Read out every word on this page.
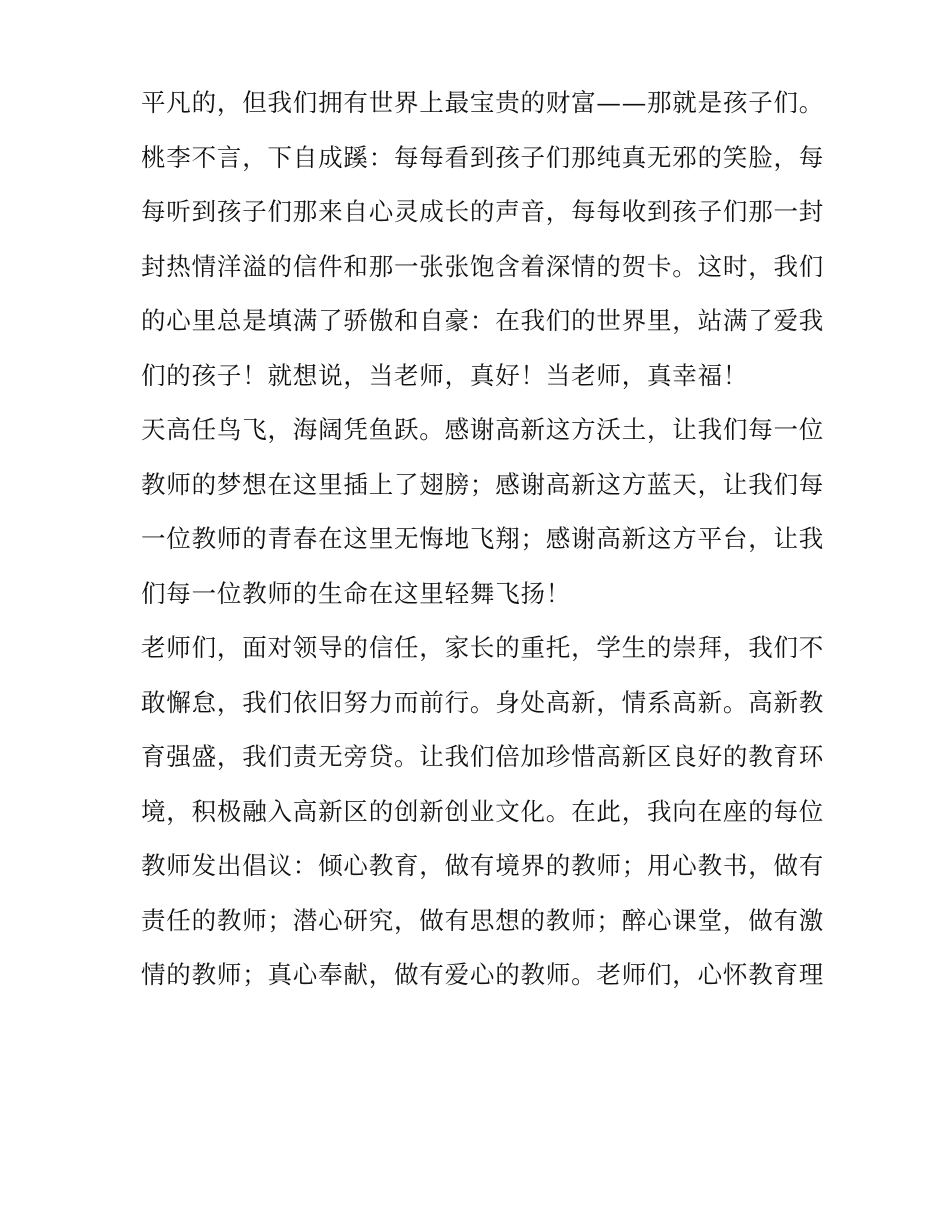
平凡的，但我们拥有世界上最宝贵的财富——那就是孩子们。
桃李不言，下自成蹊：每每看到孩子们那纯真无邪的笑脸，每
每听到孩子们那来自心灵成长的声音，每每收到孩子们那一封
封热情洋溢的信件和那一张张饱含着深情的贺卡。这时，我们
的心里总是填满了骄傲和自豪：在我们的世界里，站满了爱我
们的孩子！就想说，当老师，真好！当老师，真幸福！
天高任鸟飞，海阔凭鱼跃。感谢高新这方沃土，让我们每一位
教师的梦想在这里插上了翅膀；感谢高新这方蓝天，让我们每
一位教师的青春在这里无悔地飞翔；感谢高新这方平台，让我
们每一位教师的生命在这里轻舞飞扬！
老师们，面对领导的信任，家长的重托，学生的崇拜，我们不
敢懈怠，我们依旧努力而前行。身处高新，情系高新。高新教
育强盛，我们责无旁贷。让我们倍加珍惜高新区良好的教育环
境，积极融入高新区的创新创业文化。在此，我向在座的每位
教师发出倡议：倾心教育，做有境界的教师；用心教书，做有
责任的教师；潜心研究，做有思想的教师；醉心课堂，做有激
情的教师；真心奉献，做有爱心的教师。老师们，心怀教育理
